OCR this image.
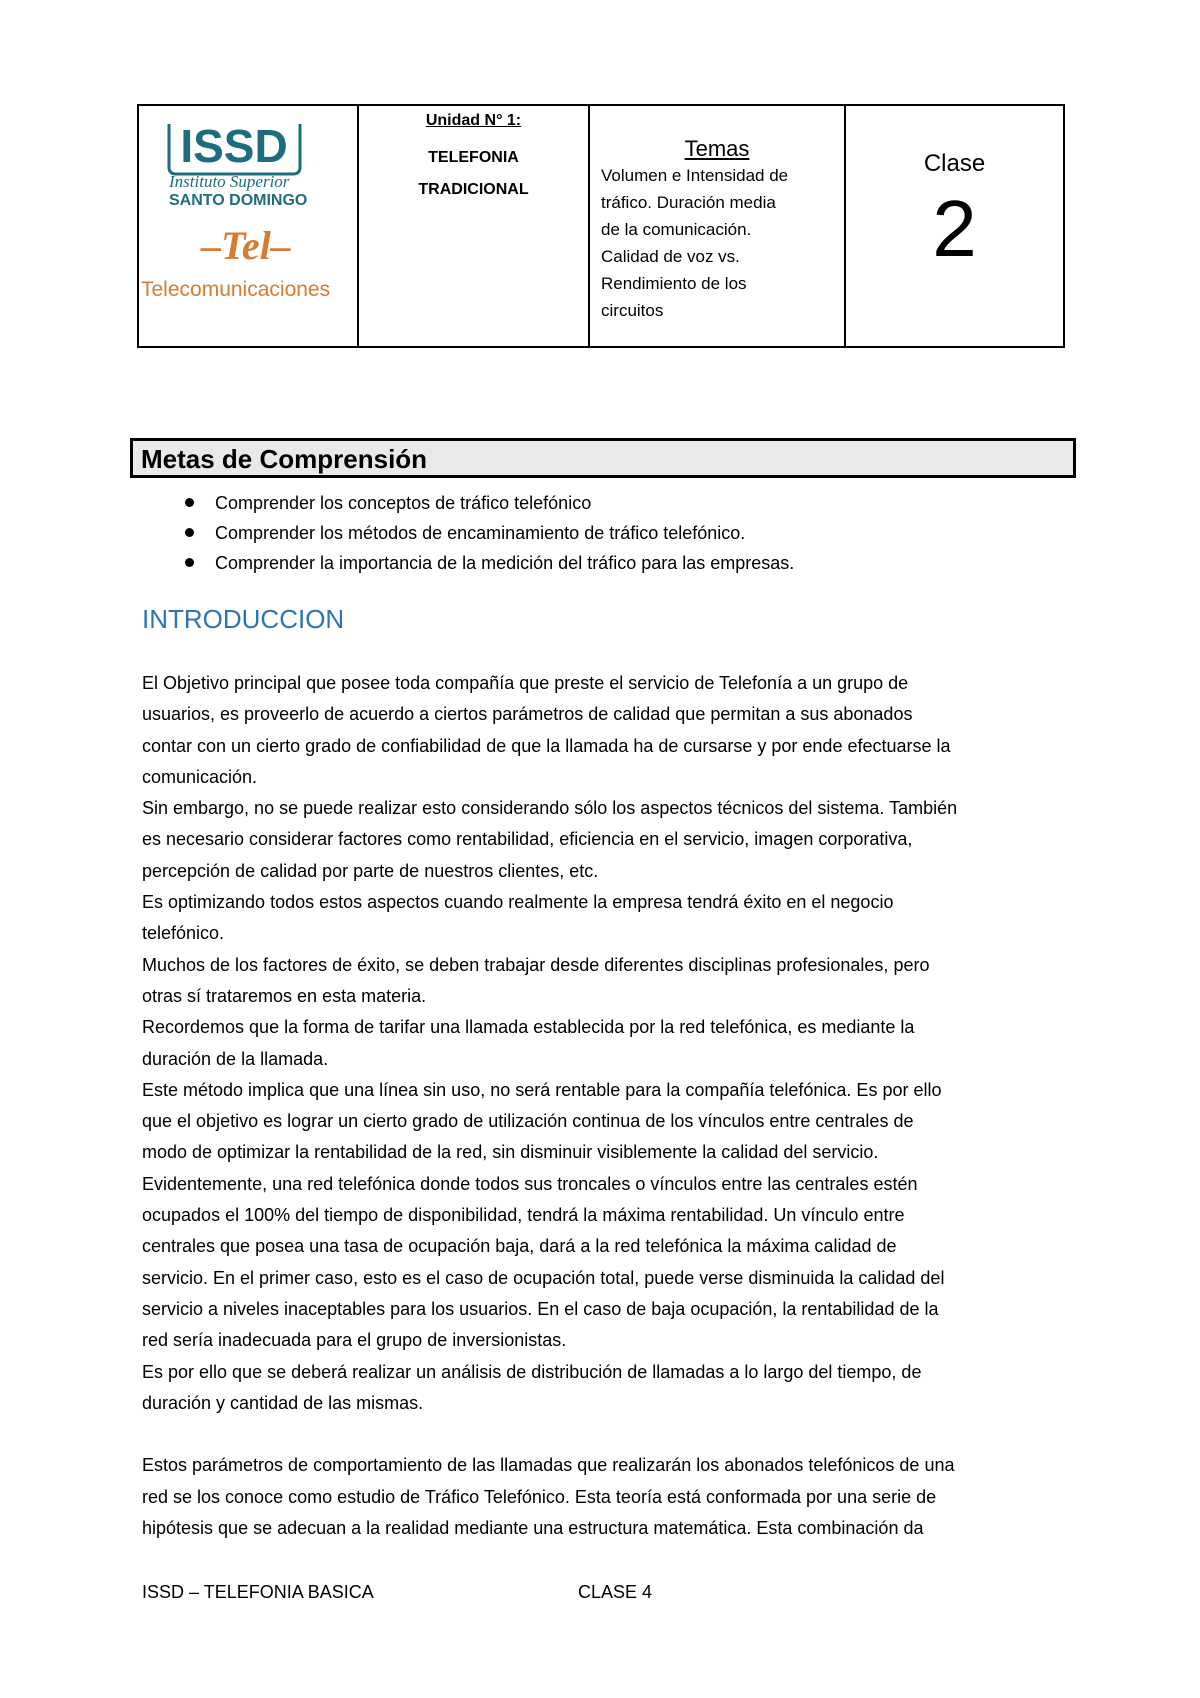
ISSD
Instituto Superior
SANTO DOMINGO
–Tel–
Telecomunicaciones

Unidad N° 1:
TELEFONIA
TRADICIONAL

Temas
Volumen e Intensidad de
tráfico. Duración media
de la comunicación.
Calidad de voz vs.
Rendimiento de los
circuitos

Clase
2
Metas de Comprensión
Comprender los conceptos de tráfico telefónico
Comprender los métodos de encaminamiento de tráfico telefónico.
Comprender la importancia de la medición del tráfico para las empresas.
INTRODUCCION

El Objetivo principal que posee toda compañía que preste el servicio de Telefonía a un grupo de
usuarios, es proveerlo de acuerdo a ciertos parámetros de calidad que permitan a sus abonados
contar con un cierto grado de confiabilidad de que la llamada ha de cursarse y por ende efectuarse la
comunicación.
Sin embargo, no se puede realizar esto considerando sólo los aspectos técnicos del sistema. También
es necesario considerar factores como rentabilidad, eficiencia en el servicio, imagen corporativa,
percepción de calidad por parte de nuestros clientes, etc.
Es optimizando todos estos aspectos cuando realmente la empresa tendrá éxito en el negocio
telefónico.
Muchos de los factores de éxito, se deben trabajar desde diferentes disciplinas profesionales, pero
otras sí trataremos en esta materia.
Recordemos que la forma de tarifar una llamada establecida por la red telefónica, es mediante la
duración de la llamada.
Este método implica que una línea sin uso, no será rentable para la compañía telefónica. Es por ello
que el objetivo es lograr un cierto grado de utilización continua de los vínculos entre centrales de
modo de optimizar la rentabilidad de la red, sin disminuir visiblemente la calidad del servicio.
Evidentemente, una red telefónica donde todos sus troncales o vínculos entre las centrales estén
ocupados el 100% del tiempo de disponibilidad, tendrá la máxima rentabilidad. Un vínculo entre
centrales que posea una tasa de ocupación baja, dará a la red telefónica la máxima calidad de
servicio. En el primer caso, esto es el caso de ocupación total, puede verse disminuida la calidad del
servicio a niveles inaceptables para los usuarios. En el caso de baja ocupación, la rentabilidad de la
red sería inadecuada para el grupo de inversionistas.
Es por ello que se deberá realizar un análisis de distribución de llamadas a lo largo del tiempo, de
duración y cantidad de las mismas.

Estos parámetros de comportamiento de las llamadas que realizarán los abonados telefónicos de una
red se los conoce como estudio de Tráfico Telefónico. Esta teoría está conformada por una serie de
hipótesis que se adecuan a la realidad mediante una estructura matemática. Esta combinación da

ISSD – TELEFONIA BASICA	CLASE 4
